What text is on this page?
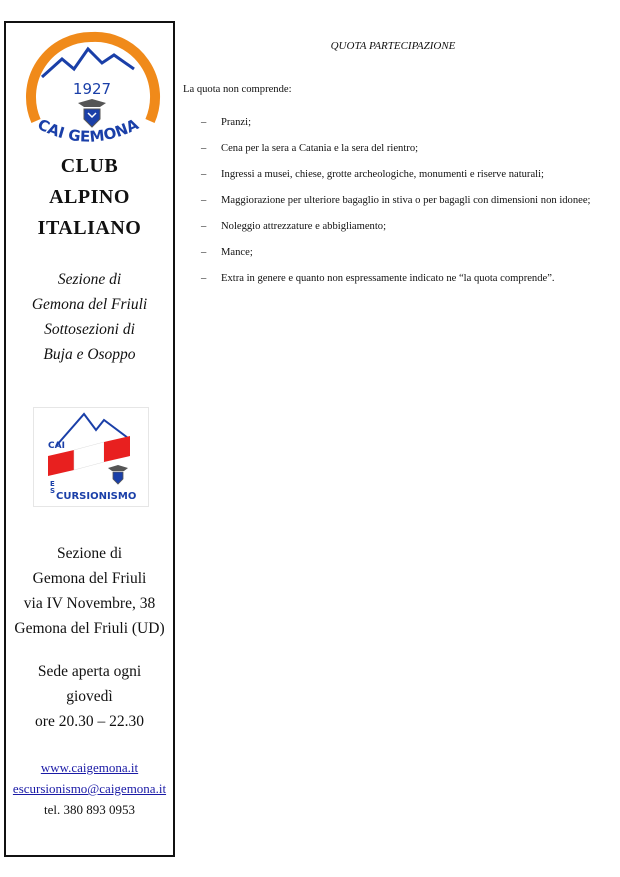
1927
CAI GEMONA
CLUB
ALPINO
ITALIANO
Sezione di
Gemona del Friuli
Sottosezioni di
Buja e Osoppo
CAI
E
S CURSIONISMO
Sezione di
Gemona del Friuli
via IV Novembre, 38
Gemona del Friuli (UD)
Sede aperta ogni
giovedì
ore 20.30 – 22.30
www.caigemona.it
escursionismo@caigemona.it
tel. 380 893 0953
QUOTA PARTECIPAZIONE
La quota non comprende:
– Pranzi;
– Cena per la sera a Catania e la sera del rientro;
– Ingressi a musei, chiese, grotte archeologiche, monumenti e riserve naturali;
– Maggiorazione per ulteriore bagaglio in stiva o per bagagli con dimensioni non idonee;
– Noleggio attrezzature e abbigliamento;
– Mance;
– Extra in genere e quanto non espressamente indicato ne “la quota comprende”.
